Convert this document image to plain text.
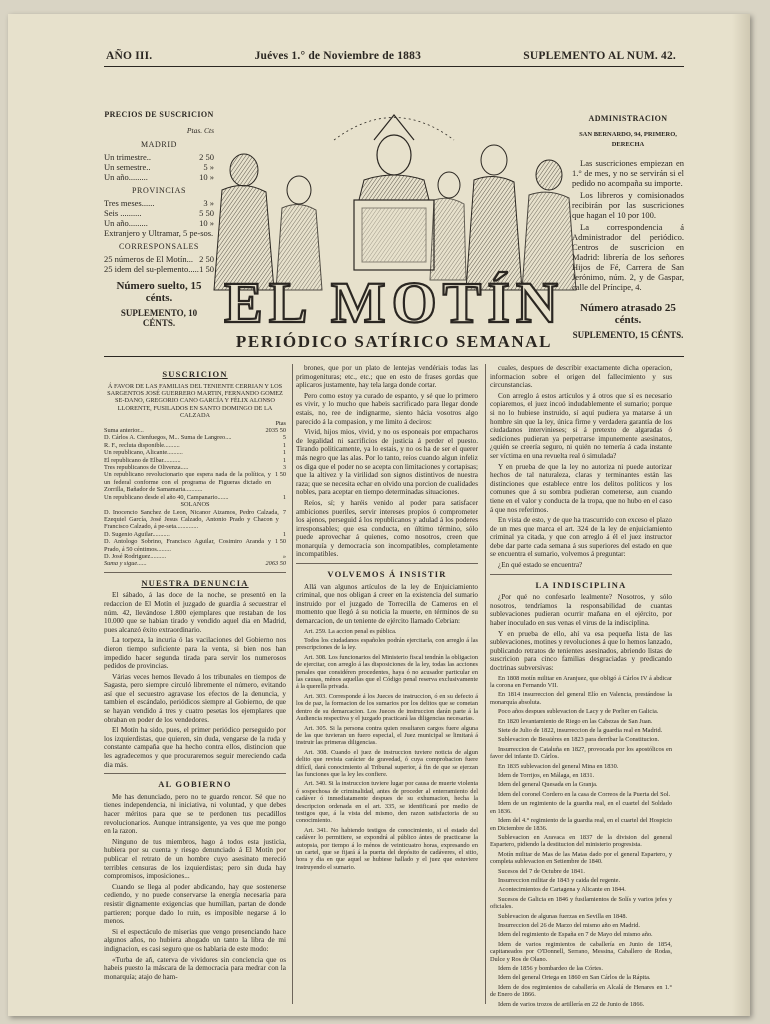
AÑO III.	Juéves 1.° de Noviembre de 1883	SUPLEMENTO AL NUM. 42.
PRECIOS DE SUSCRICION
Ptas. Cts
MADRID
Un trimestre..	2 50
Un semestre..	5 »
Un año.........	10 »
PROVINCIAS
Tres meses......	3 »
Seis ..........	5 50
Un año.........	10 »
Extranjero y Ultramar, 5 pe-sos.
CORRESPONSALES
25 números de El Motín... 2 50
25 idem del su-plemento..... 1 50
Número suelto, 15 cénts.
SUPLEMENTO, 10 CÉNTS. EL MOTÍN
PERIÓDICO SATÍRICO SEMANAL
ADMINISTRACION
SAN BERNARDO, 94, PRIMERO, DERECHA

Las suscriciones empiezan en 1.° de mes, y no se servirán si el pedido no acompaña su importe.

Los libreros y comisionados recibirán por las suscriciones que hagan el 10 por 100.

La correspondencia á Administrador del periódico. Centros de suscricion en Madrid: librería de los señores Hijos de Fé, Carrera de San Jerónimo, núm. 2, y de Gaspar, calle del Príncipe, 4.

Número atrasado 25 cénts.
SUPLEMENTO, 15 CÉNTS.
SUSCRICION
Á FAVOR DE LAS FAMILIAS DEL TENIENTE CERRIAN Y LOS SARGENTOS JOSÉ GUERRERO MARTIN, FERNANDO GOMEZ SE-DANO, GREGORIO CANO GARCÍA Y FÉLIX ALONSO LLORENTE, FUSILADOS EN SANTO DOMINGO DE LA CALZADA
Ptas
Suma anterior...	2035 50
D. Cárlos A. Cienfuegos, M... Suma de Langreo....	5
R. F., recluta disponible..........	1
Un republicano, Alicante..........	1
El republicano de Elbar...........	1
Tres republicanos de Olivenza.....	3
Un republicano revolucionario que espera nada de la política, y un federal conforme con el programa de Figueras dictado en Zorrilla, Bañador de Samamaria...........
1 50
Un republicano desde el año 40, Campanario.......	1
SOLANOS
D. Inocencio Sanchez de Leon, Nicanor Aizamos, Pedro Calzada, Ezequiel García, José Jesus Calzado, Antonio Prado y Chacon y Francisco Calzado, á pe-seta..............
7
D. Sugenio Aguilar...........	1
D. Antologo Sobrino, Francisco Aguilar, Cosimiro Aranda y Prado, á 50 céntimos.........
1 50
D. José Rodriguez..........	»
Suma y sigue......	2063 50
NUESTRA DENUNCIA

El sábado, á las doce de la noche, se presentó en la redaccion de El Motín el juzgado de guardia á secuestrar el núm. 42, llevándose 1.800 ejemplares que restaban de los 10.000 que se habian tirado y vendido aquel dia en Madrid, pues alcanzó éxito extraordinario.

La torpeza, la incuria ó las vacilaciones del Gobierno nos dieron tiempo suficiente para la venta, si bien nos han impedido hacer segunda tirada para servir los numerosos pedidos de provincias.

Várias veces hemos llevado á los tribunales en tiempos de Sagasta, pero siempre circuló libremente el número, evitando así que el secuestro agravase los efectos de la denuncia, y tambien el escándalo, periódicos siempre al Gobierno, de que se hayan vendido á tres y cuatro pesetas los ejemplares que obraban en poder de los vendedores.

El Motín ha sido, pues, el primer periódico perseguido por los izquierdistas, que quieren, sin duda, vengarse de la ruda y constante campaña que ha hecho contra ellos, distincion que les agradecemos y que procuraremos seguir mereciendo cada dia más.

AL GOBIERNO

Me has denunciado, pero no te guardo rencor. Sé que no tienes independencia, ni iniciativa, ni voluntad, y que debes hacer méritos para que se te perdonen tus pecadillos revolucionarios. Aunque intransigente, ya ves que me pongo en la razon.

Ninguno de tus miembros, hago á todos esta justicia, hubiera por su cuenta y riesgo denunciado á El Motín por publicar el retrato de un hombre cuyo asesinato mereció terribles censuras de los izquierdistas; pero sin duda hay compromisos, imposiciones...

Cuando se llega al poder abdicando, hay que sostenerse cediendo, y no puede conservarse la energía necesaria para resistir dignamente exigencias que humillan, partan de donde partieren; porque dado lo ruin, es imposible negarse á lo menos.

Si el espectáculo de miserias que vengo presenciando hace algunos años, no hubiera ahogado un tanto la libra de mi indignacion, es casi seguro que os hablaria de este modo:

«Turba de añ, caterva de vividores sin conciencia que os habeis puesto la máscara de la democracia para medrar con la monarquía; atajo de ham-

brones, que por un plato de lentejas vendériais todas las primogenituras; etc., etc.; que en esto de frases gordas que aplicaros justamente, hay tela larga donde cortar.

Pero como estoy ya curado de espanto, y sé que lo primero es vivir, y lo mucho que habeis sacrificado para llegar donde estais, no, ree de indignarme, siento hácia vosotros algo parecido á la compasion, y me limito á deciros:

Vivid, hijos mios, vivid, y no os esponeais por empacharos de legalidad ni sacrificios de justicia á perder el puesto. Tirando politicamente, ya lo estais, y no os ha de ser el querer más negro que las alas. Por lo tanto, reíos cuando algun infeliz os diga que el poder no se acepta con limitaciones y cortapisas; que la altivez y la virilidad son signos distintivos de nuestra raza; que se necesita echar en olvido una porcion de cualidades nobles, para aceptar en tiempo determinadas situaciones.

Reíos, sí; y haréis venido al poder para satisfacer ambiciones pueriles, servir intereses propios ó comprometer los ajenos, perseguid á los republicanos y adulad á los poderes irresponsables; que esa conducta, en último término, sólo puede aprovechar á quienes, como nosotros, creen que monarquía y democracia son incompatibles, completamente incompatibles.

VOLVEMOS Á INSISTIR

Allá van algunos artículos de la ley de Enjuiciamiento criminal, que nos obligan á creer en la existencia del sumario instruido por el juzgado de Torrecilla de Cameros en el momento que llegó á su noticia la muerte, en términos de su demarcacion, de un teniente de ejército llamado Cebrian:

Art. 259. La accion penal es pública.

Todos los ciudadanos españoles podrán ejercitarla, con arreglo á las prescripciones de la ley.

Art. 308. Los funcionarios del Ministerio fiscal tendrán la obligacion de ejercitar, con arreglo á las disposiciones de la ley, todas las acciones penales que considéren procedentes, haya ó no acusador particular en las causas, ménos aquellas que el Código penal reserva exclusivamente á la querella privada.

Art. 303. Corresponde á los Jueces de instruccion, ó en su defecto á los de paz, la formacion de los sumarios por los delitos que se cometan dentro de su demarcacion. Los Jueces de instruccion darán parte á la Audiencia respectiva y el juzgado practicará las diligencias necesarias.

Art. 305. Si la persona contra quien resultaren cargos fuere alguna de las que tuvieran un fuero especial, el Juez municipal se limitará á instruir las primeras diligencias.

Art. 308. Cuando el juez de instruccion tuviere noticia de algun delito que revista carácter de gravedad, ó cuya comprobacion fuere difícil, dará conocimiento al Tribunal superior, á fin de que se ejerzan las funciones que la ley les confiere.

Art. 340. Si la instruccion tuviere lugar por causa de muerte violenta ó sospechosa de criminalidad, antes de proceder al enterramiento del cadáver ó inmediatamente despues de su exhumacion, hecha la descripcion ordenada en el art. 335, se identificará por medio de testigos que, á la vista del mismo, den razon satisfactoria de su conocimiento.

Art. 341. No habiendo testigos de conocimiento, si el estado del cadáver lo permitiere, se expondrá al público ántes de practicarse la autopsia, por tiempo á lo ménos de veinticuatro horas, expresando en un cartel, que se fijará á la puerta del depósito de cadáveres, el sitio, hora y dia en que aquel se hubiese hallado y el juez que estuviere instruyendo el sumario.

cuales, despues de describir exactamente dicha operacion, informacion sobre el origen del fallecimiento y sus circunstancias.

Con arreglo á estos artículos y á otros que sí es necesario copiaremos, el juez incoó indudablemente el sumario; porque si no lo hubiese instruido, sí aquí pudiera ya matarse á un hombre sin que la ley, única firme y verdadera garantía de los ciudadanos intervinieses; si á pretexto de algaradas ó sediciones pudieran ya perpetrarse impunemente asesinatos, ¿quién se creería seguro, ni quién no temería á cada instante ser víctima en una revuelta real ó simulada?

Y en prueba de que la ley no autoriza ni puede autorizar hechos de tal naturaleza, claras y terminantes están las distinciones que establece entre los delitos políticos y los comunes que á su sombra pudieran cometerse, aun cuando tiene en el valor y conducta de la tropa, que no hubo en el caso á que nos referimos.

En vista de esto, y de que ha trascurrido con exceso el plazo de un mes que marca el art. 324 de la ley de enjuiciamiento criminal ya citada, y que con arreglo á él el juez instructor debe dar parte cada semana á sus superiores del estado en que se encuentra el sumario, volvemos á preguntar:

¿En qué estado se encuentra?

LA INDISCIPLINA

¿Por qué no confesarlo lealmente? Nosotros, y sólo nosotros, tendríamos la responsabilidad de cuantas sublevaciones pudieran ocurrir mañana en el ejército, por haber inoculado en sus venas el virus de la indisciplina.

Y en prueba de ello, ahí va esa pequeña lista de las sublevaciones, motines y revoluciones á que lo hemos lanzado, publicando retratos de tenientes asesinados, abriendo listas de suscricion para cinco familias desgraciadas y predicando doctrinas subversivas:

En 1808 motín militar en Aranjuez, que obligó á Cárlos IV á abdicar la corona en Fernando VII.

En 1814 insurreccion del general Elío en Valencia, prestándose la monarquía absoluta.

Poco años despues sublevacion de Lacy y de Porlier en Galicia.

En 1820 levantamiento de Riego en las Cabezas de San Juan.

Siete de Julio de 1822, insurreccion de la guardia real en Madrid.

Sublevacion de Bessières en 1823 para derribar la Constitucion.

Insurreccion de Cataluña en 1827, provocada por los apostólicos en favor del infante D. Cárlos.

En 1835 sublevacion del general Mina en 1830.

Idem de Torrijos, en Málaga, en 1831.

Idem del general Quesada en la Granja.

Idem del coronel Cordero en la casa de Correos de la Puerta del Sol.

Idem de un regimiento de la guardia real, en el cuartel del Soldado en 1836.

Idem del 4.° regimiento de la guardia real, en el cuartel del Hospicio en Diciembre de 1836.

Sublevacion en Aravaca en 1837 de la division del general Espartero, pidiendo la destitucion del ministerio progresista.

Motín militar de Mas de las Matas dado por el general Espartero, y completa sublevacion en Setiembre de 1840.

Sucesos del 7 de Octubre de 1841.

Insurreccion militar de 1843 y caida del regente.

Acontecimientos de Cartagena y Alicante en 1844.

Sucesos de Galicia en 1846 y fusilamientos de Solís y varios jefes y oficiales.

Sublevacion de algunas fuerzas en Sevilla en 1848.

Insurreccion del 26 de Marzo del mismo año en Madrid.

Idem del regimiento de España en 7 de Mayo del mismo año.

Idem de varios regimientos de caballería en Junio de 1854, capitaneados por O'Donnell, Serrano, Messina, Caballero de Rodas, Dulce y Ros de Olano.

Idem de 1856 y bombardeo de las Córtes.

Idem del general Ortega en 1860 en San Cárlos de la Rápita.

Idem de dos regimientos de caballería en Alcalá de Henares en 1.° de Enero de 1866.

Idem de varios trozos de artillería en 22 de Junio de 1866.
